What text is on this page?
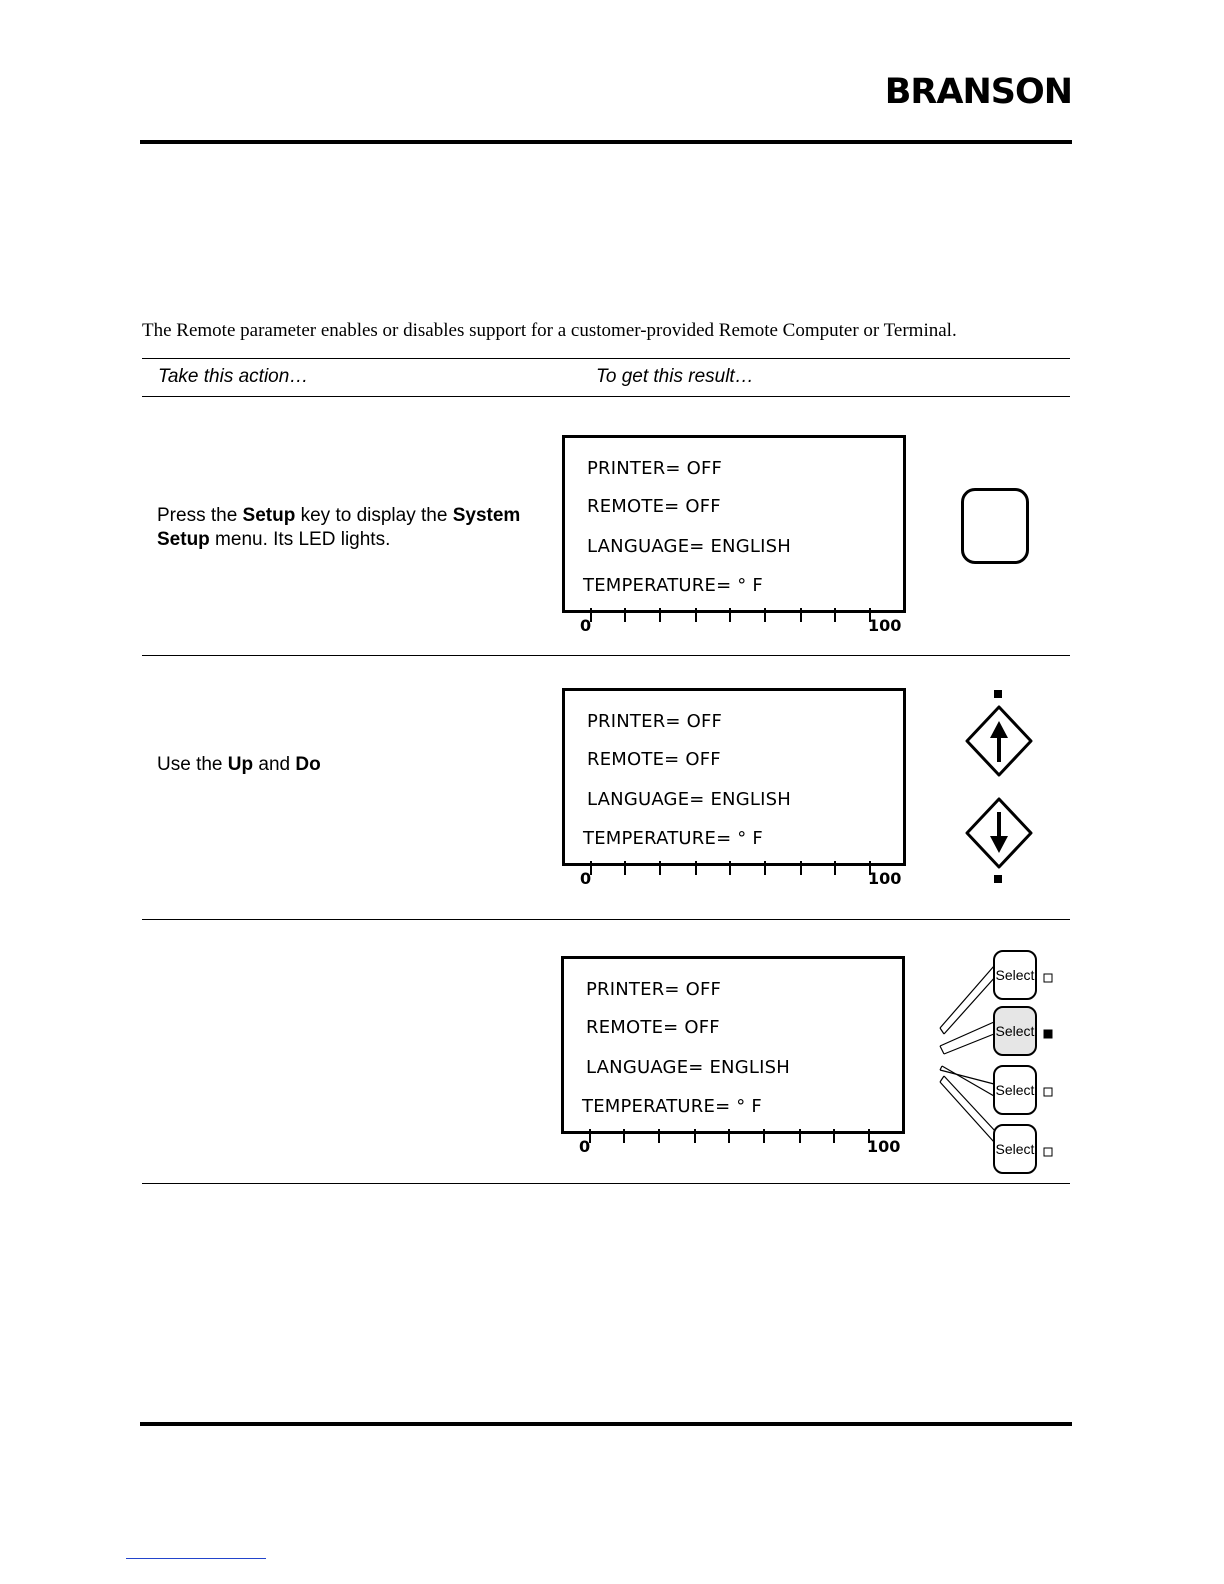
BRANSON
The Remote parameter enables or disables support for a customer-provided Remote Computer or Terminal.
Take this action…	To get this result…
Press the Setup key to display the System Setup menu. Its LED lights.
PRINTER= OFF
REMOTE= OFF
LANGUAGE= ENGLISH
TEMPERATURE= ° F
0	100
Use the Up and Do
PRINTER= OFF
REMOTE= OFF
LANGUAGE= ENGLISH
TEMPERATURE= ° F
0	100
PRINTER= OFF
REMOTE= OFF
LANGUAGE= ENGLISH
TEMPERATURE= ° F
0	100
Select
Select
Select
Select
